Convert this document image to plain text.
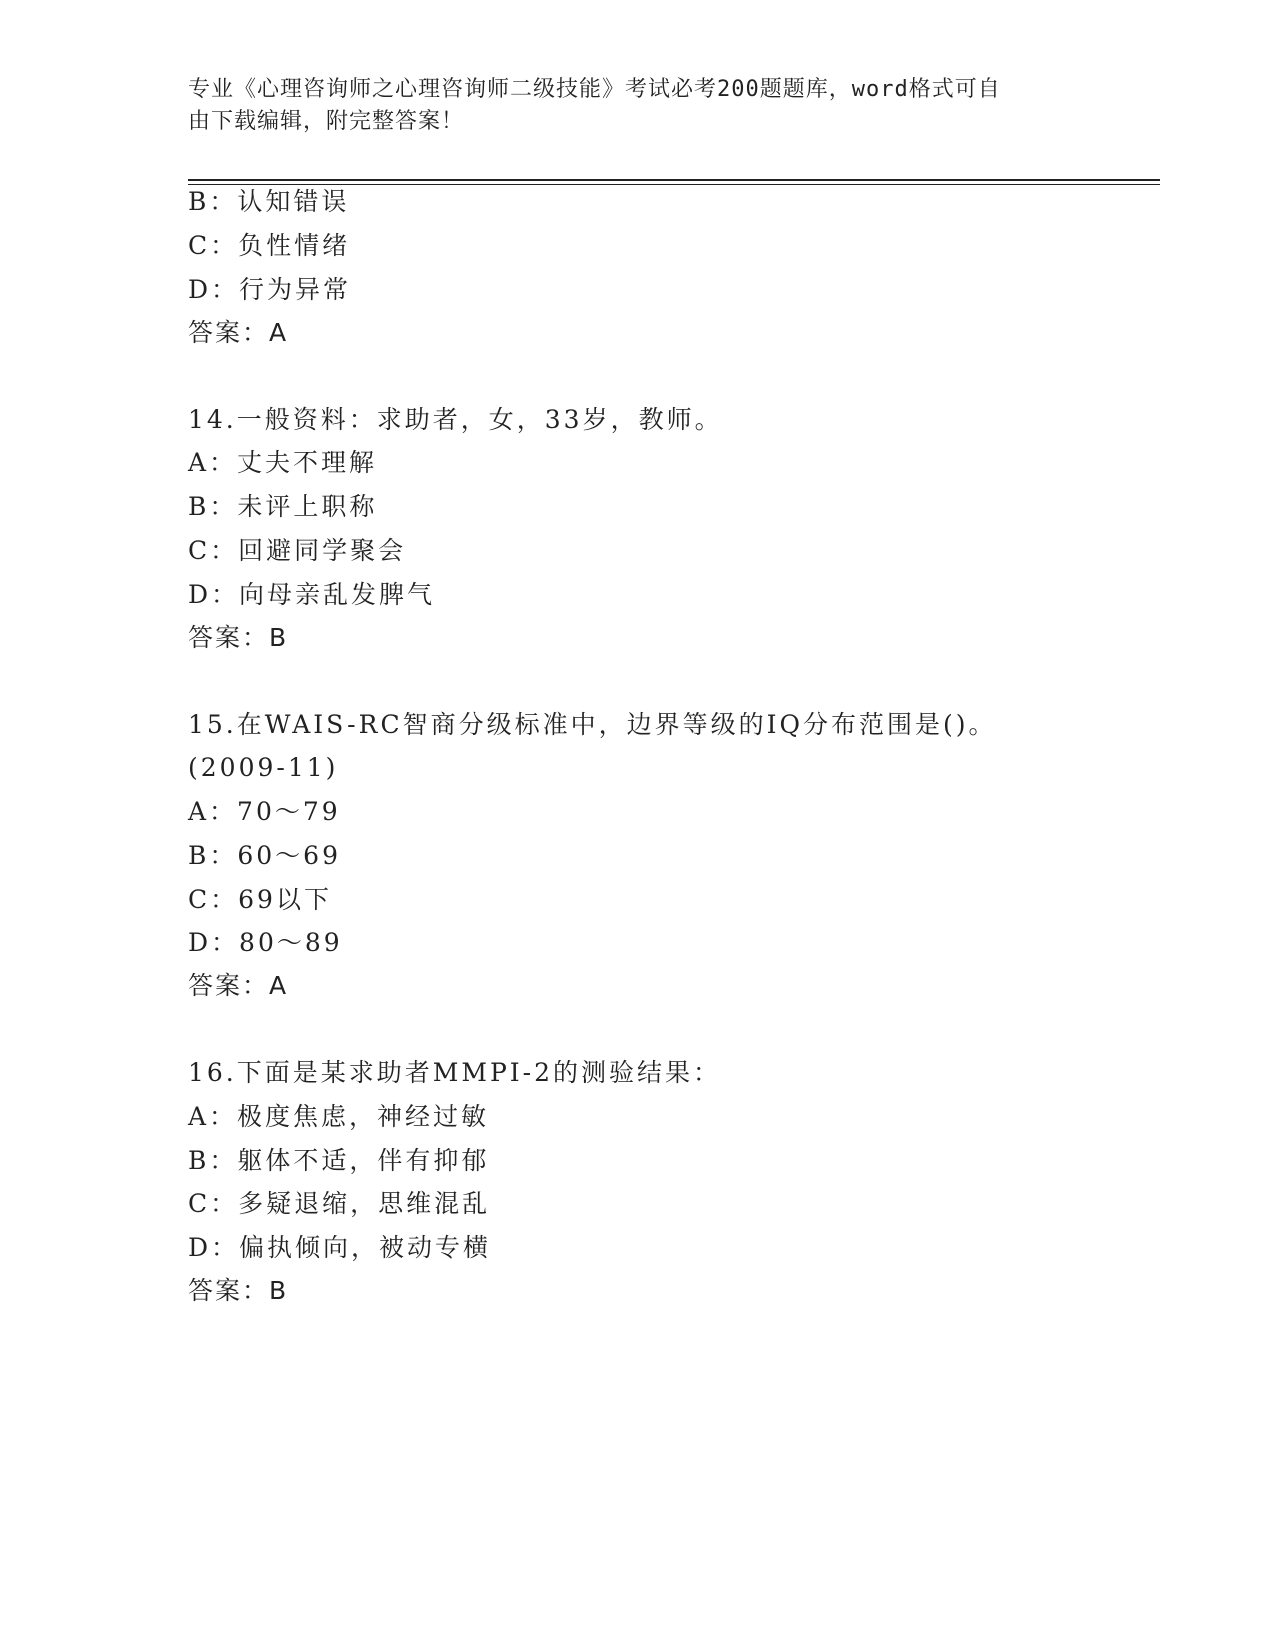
专业《心理咨询师之心理咨询师二级技能》考试必考200题题库，word格式可自
由下载编辑，附完整答案！
B：认知错误
C：负性情绪
D：行为异常
答案：A
14.一般资料：求助者，女，33岁，教师。
A：丈夫不理解
B：未评上职称
C：回避同学聚会
D：向母亲乱发脾气
答案：B
15.在WAIS-RC智商分级标准中，边界等级的IQ分布范围是()。
(2009-11)
A：70～79
B：60～69
C：69以下
D：80～89
答案：A
16.下面是某求助者MMPI-2的测验结果：
A：极度焦虑，神经过敏
B：躯体不适，伴有抑郁
C：多疑退缩，思维混乱
D：偏执倾向，被动专横
答案：B
